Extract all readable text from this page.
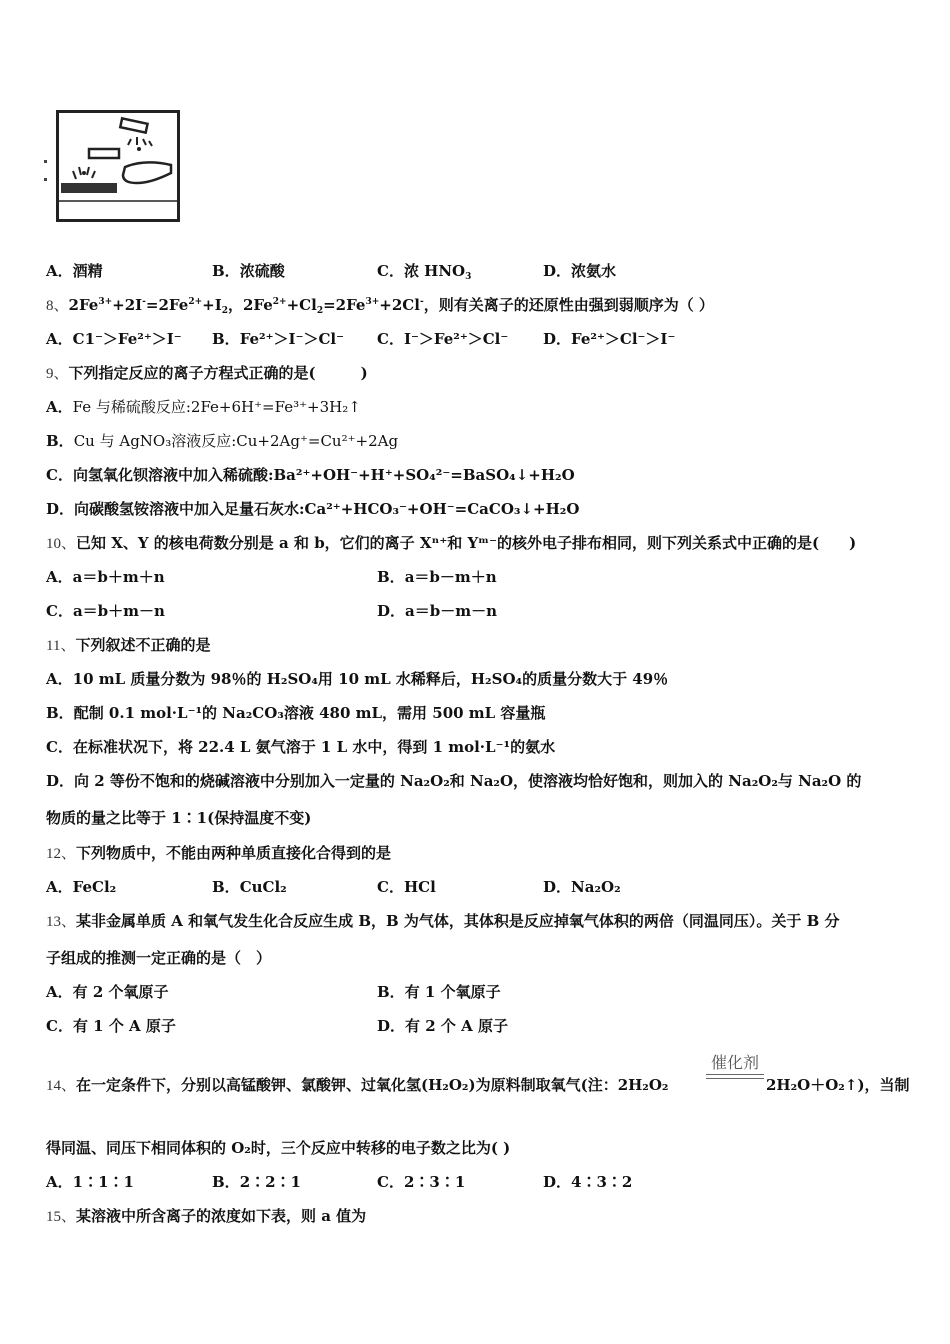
A．酒精	B．浓硫酸	C．浓 $HNO_3$	D．浓氨水
8、$2Fe^{3+}+2I^-=2Fe^{2+}+I_2$，$2Fe^{2+}+Cl_2=2Fe^{3+}+2Cl^-$，则有关离子的还原性由强到弱顺序为（ ）
A．C1⁻＞Fe²⁺＞I⁻ B．Fe²⁺＞I⁻＞Cl⁻ C．I⁻＞Fe²⁺＞Cl⁻ D．Fe²⁺＞Cl⁻＞I⁻
9、下列指定反应的离子方程式正确的是(　　　)
A．Fe 与稀硫酸反应:2Fe+6H⁺=Fe³⁺+3H₂↑
B．Cu 与 AgNO₃溶液反应:Cu+2Ag⁺=Cu²⁺+2Ag
C．向氢氧化钡溶液中加入稀硫酸:Ba²⁺+OH⁻+H⁺+SO₄²⁻=BaSO₄↓+H₂O
D．向碳酸氢铵溶液中加入足量石灰水:Ca²⁺+HCO₃⁻+OH⁻=CaCO₃↓+H₂O
10、已知 X、Y 的核电荷数分别是 a 和 b，它们的离子 Xⁿ⁺和 Yᵐ⁻的核外电子排布相同，则下列关系式中正确的是(　　)
A．a＝b＋m＋n	B．a＝b－m＋n
C．a＝b＋m－n	D．a＝b－m－n
11、下列叙述不正确的是
A．10 mL 质量分数为 98％的 H₂SO₄用 10 mL 水稀释后，H₂SO₄的质量分数大于 49％
B．配制 0.1 mol·L⁻¹的 Na₂CO₃溶液 480 mL，需用 500 mL 容量瓶
C．在标准状况下，将 22.4 L 氨气溶于 1 L 水中，得到 1 mol·L⁻¹的氨水
D．向 2 等份不饱和的烧碱溶液中分别加入一定量的 Na₂O₂和 Na₂O，使溶液均恰好饱和，则加入的 Na₂O₂与 Na₂O 的
物质的量之比等于 1∶1(保持温度不变)
12、下列物质中，不能由两种单质直接化合得到的是
A．FeCl₂	B．CuCl₂	C．HCl	D．Na₂O₂
13、某非金属单质 A 和氧气发生化合反应生成 B，B 为气体，其体积是反应掉氧气体积的两倍（同温同压）。关于 B 分
子组成的推测一定正确的是（　）
A．有 2 个氧原子	B．有 1 个氧原子
C．有 1 个 A 原子	D．有 2 个 A 原子
14、在一定条件下，分别以高锰酸钾、氯酸钾、过氧化氢(H₂O₂)为原料制取氧气(注：2H₂O₂
催化剂
2H₂O＋O₂↑)，当制
得同温、同压下相同体积的 O₂时，三个反应中转移的电子数之比为( )
A．1∶1∶1	B．2∶2∶1	C．2∶3∶1	D．4∶3∶2
15、某溶液中所含离子的浓度如下表，则 a 值为
